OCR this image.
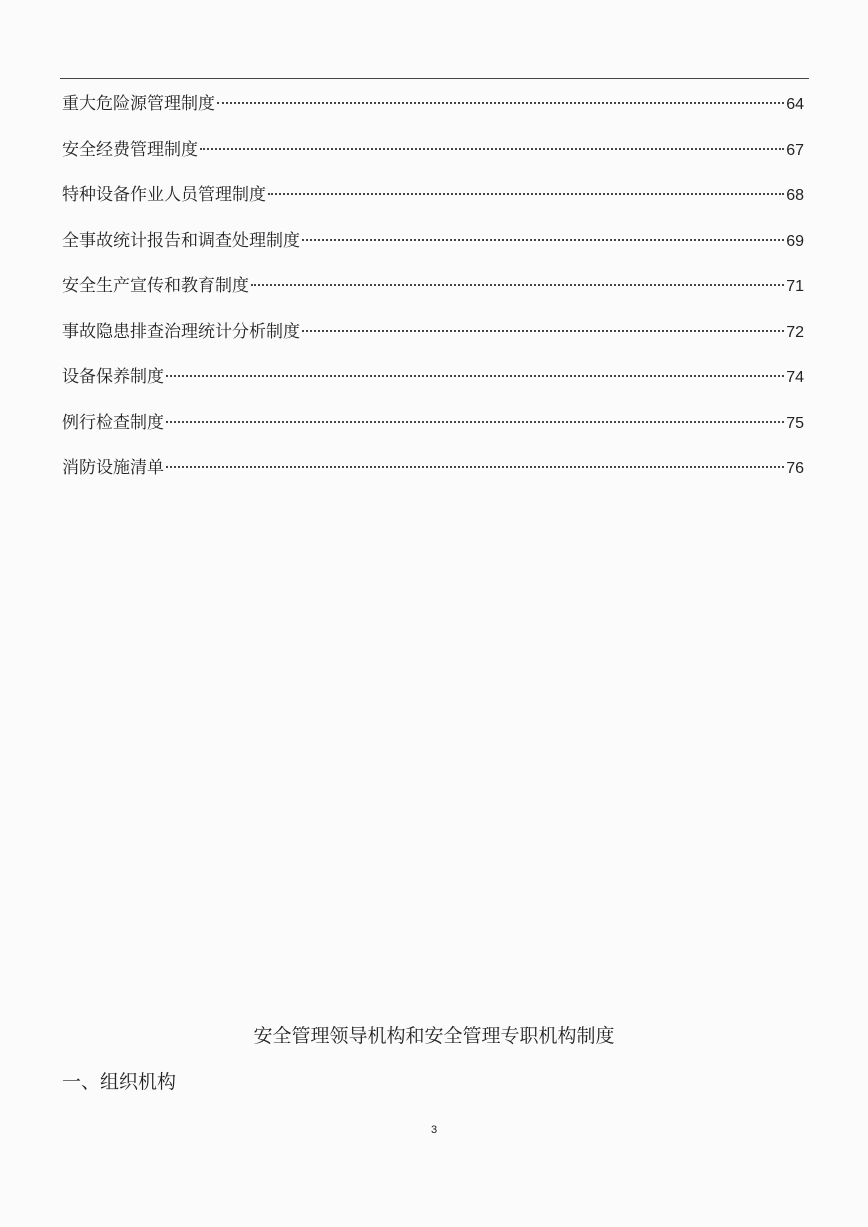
重大危险源管理制度	64
安全经费管理制度	67
特种设备作业人员管理制度	68
全事故统计报告和调查处理制度	69
安全生产宣传和教育制度	71
事故隐患排查治理统计分析制度	72
设备保养制度	74
例行检查制度	75
消防设施清单	76
安全管理领导机构和安全管理专职机构制度
一、组织机构
3
